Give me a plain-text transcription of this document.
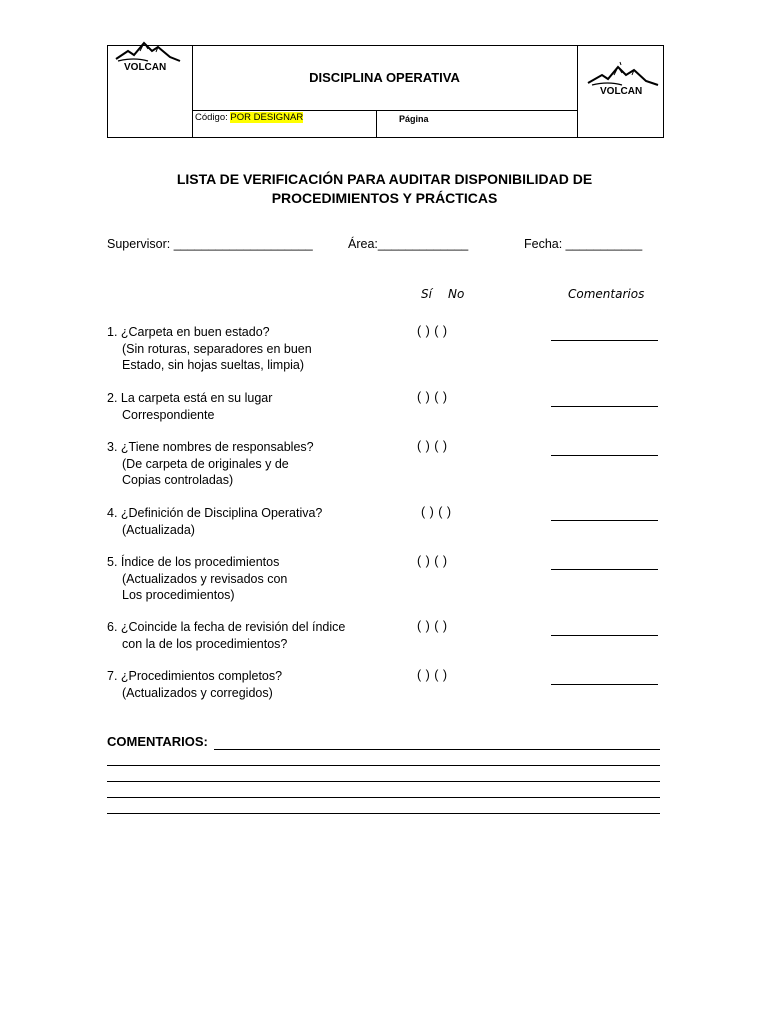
VOLCAN
DISCIPLINA OPERATIVA
Código: POR DESIGNAR	Página
VOLCAN
LISTA DE VERIFICACIÓN PARA AUDITAR DISPONIBILIDAD DE
PROCEDIMIENTOS Y PRÁCTICAS
Supervisor: ____________________	Área:_____________	Fecha: ___________
Sí No	Comentarios
1. ¿Carpeta en buen estado?
(Sin roturas, separadores en buen
Estado, sin hojas sueltas, limpia)
( ) ( )
2. La carpeta está en su lugar
Correspondiente
( ) ( )
3. ¿Tiene nombres de responsables?
(De carpeta de originales y de
Copias controladas)
( ) ( )
4. ¿Definición de Disciplina Operativa?
(Actualizada)
( ) ( )
5. Índice de los procedimientos
(Actualizados y revisados con
Los procedimientos)
( ) ( )
6. ¿Coincide la fecha de revisión del índice
con la de los procedimientos?
( ) ( )
7. ¿Procedimientos completos?
(Actualizados y corregidos)
( ) ( )
COMENTARIOS:
